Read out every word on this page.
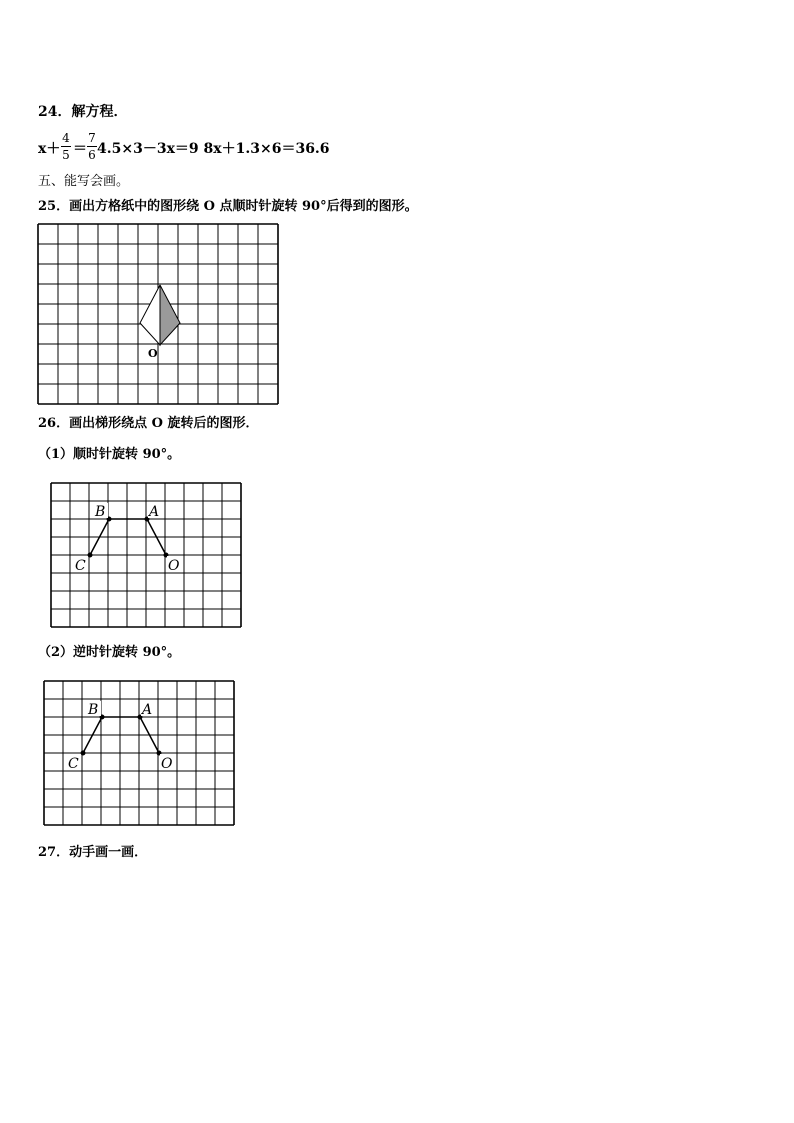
24．解方程．
x＋
4
5 ＝
7
6 4.5×3－3x＝9 8x＋1.3×6＝36.6
五、能写会画。
25．画出方格纸中的图形绕 O 点顺时针旋转 90°后得到的图形。
O
26．画出梯形绕点 O 旋转后的图形．
（1）顺时针旋转 90°。
B	A
C	O
（2）逆时针旋转 90°。
B	A
C	O
27．动手画一画．
